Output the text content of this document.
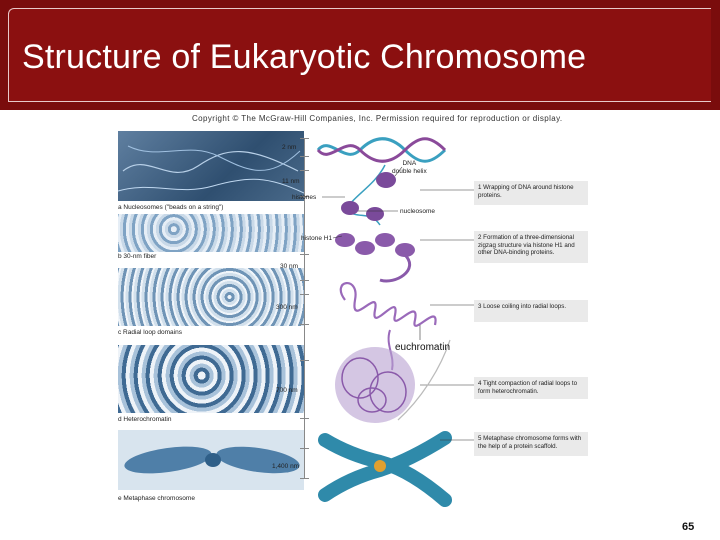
Structure of Eukaryotic Chromosome
Copyright © The McGraw-Hill Companies, Inc. Permission required for reproduction or display.
a Nucleosomes ("beads on a string")
b 30-nm fiber
c Radial loop domains
d Heterochromatin
e Metaphase chromosome
2 nm
11 nm
30 nm
300 nm
700 nm
1,400 nm
DNA
double helix
histones
nucleosome
histone H1
euchromatin
1 Wrapping of DNA around histone proteins.
2 Formation of a three-dimensional zigzag structure via histone H1 and other DNA-binding proteins.
3 Loose coiling into radial loops.
4 Tight compaction of radial loops to form heterochromatin.
5 Metaphase chromosome forms with the help of a protein scaffold.
65
